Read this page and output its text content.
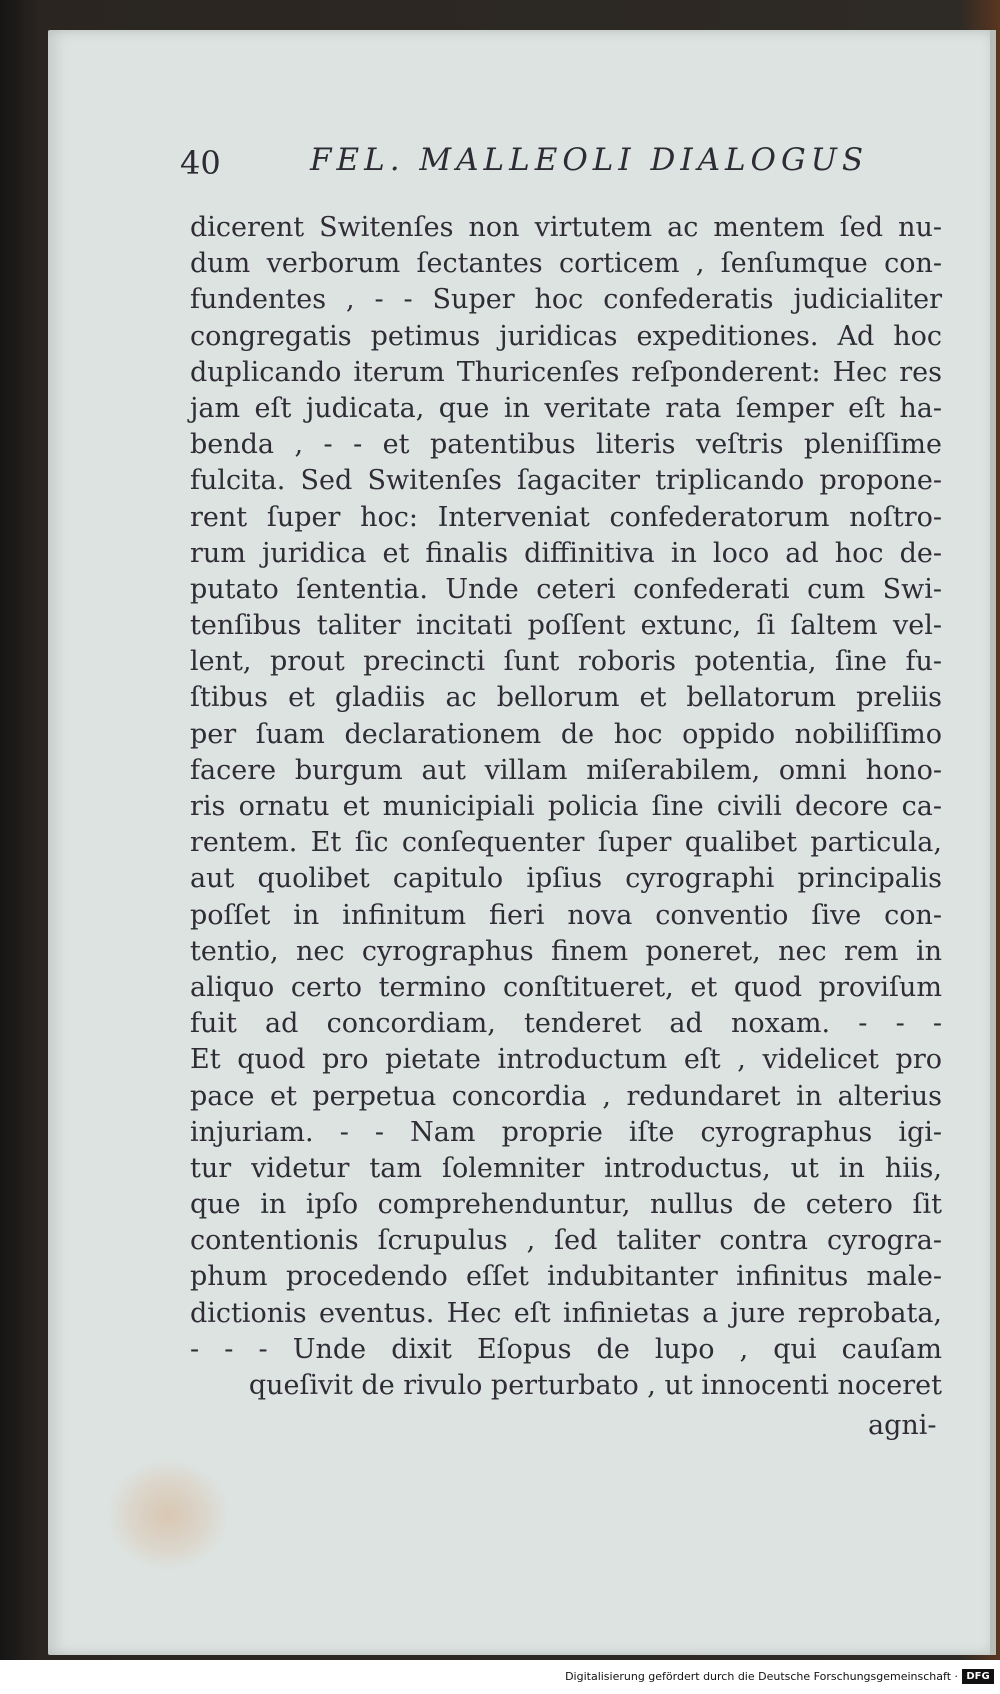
40	FEL. MALLEOLI DIALOGUS
dicerent Switenſes non virtutem ac mentem ſed nu-
dum verborum ſectantes corticem , ſenſumque con-
fundentes , - - Super hoc confederatis judicialiter
congregatis petimus juridicas expeditiones. Ad hoc
duplicando iterum Thuricenſes reſponderent: Hec res
jam eſt judicata, que in veritate rata ſemper eſt ha-
benda , - - et patentibus literis veſtris pleniſſime
fulcita. Sed Switenſes ſagaciter triplicando propone-
rent ſuper hoc: Interveniat confederatorum noſtro-
rum juridica et finalis diffinitiva in loco ad hoc de-
putato ſententia. Unde ceteri confederati cum Swi-
tenſibus taliter incitati poſſent extunc, ſi ſaltem vel-
lent, prout precincti ſunt roboris potentia, ſine fu-
ſtibus et gladiis ac bellorum et bellatorum preliis
per ſuam declarationem de hoc oppido nobiliſſimo
facere burgum aut villam miſerabilem, omni hono-
ris ornatu et municipiali policia ſine civili decore ca-
rentem. Et ſic conſequenter ſuper qualibet particula,
aut quolibet capitulo ipſius cyrographi principalis
poſſet in infinitum fieri nova conventio ſive con-
tentio, nec cyrographus finem poneret, nec rem in
aliquo certo termino conſtitueret, et quod proviſum
fuit ad concordiam, tenderet ad noxam. - - -
Et quod pro pietate introductum eſt , videlicet pro
pace et perpetua concordia , redundaret in alterius
injuriam. - - Nam proprie iſte cyrographus igi-
tur videtur tam ſolemniter introductus, ut in hiis,
que in ipſo comprehenduntur, nullus de cetero ſit
contentionis ſcrupulus , ſed taliter contra cyrogra-
phum procedendo eſſet indubitanter infinitus male-
dictionis eventus. Hec eſt infinietas a jure reprobata,
- - - Unde dixit Eſopus de lupo , qui cauſam
queſivit de rivulo perturbato , ut innocenti noceret
agni-
Digitalisierung gefördert durch die Deutsche Forschungsgemeinschaft · DFG
